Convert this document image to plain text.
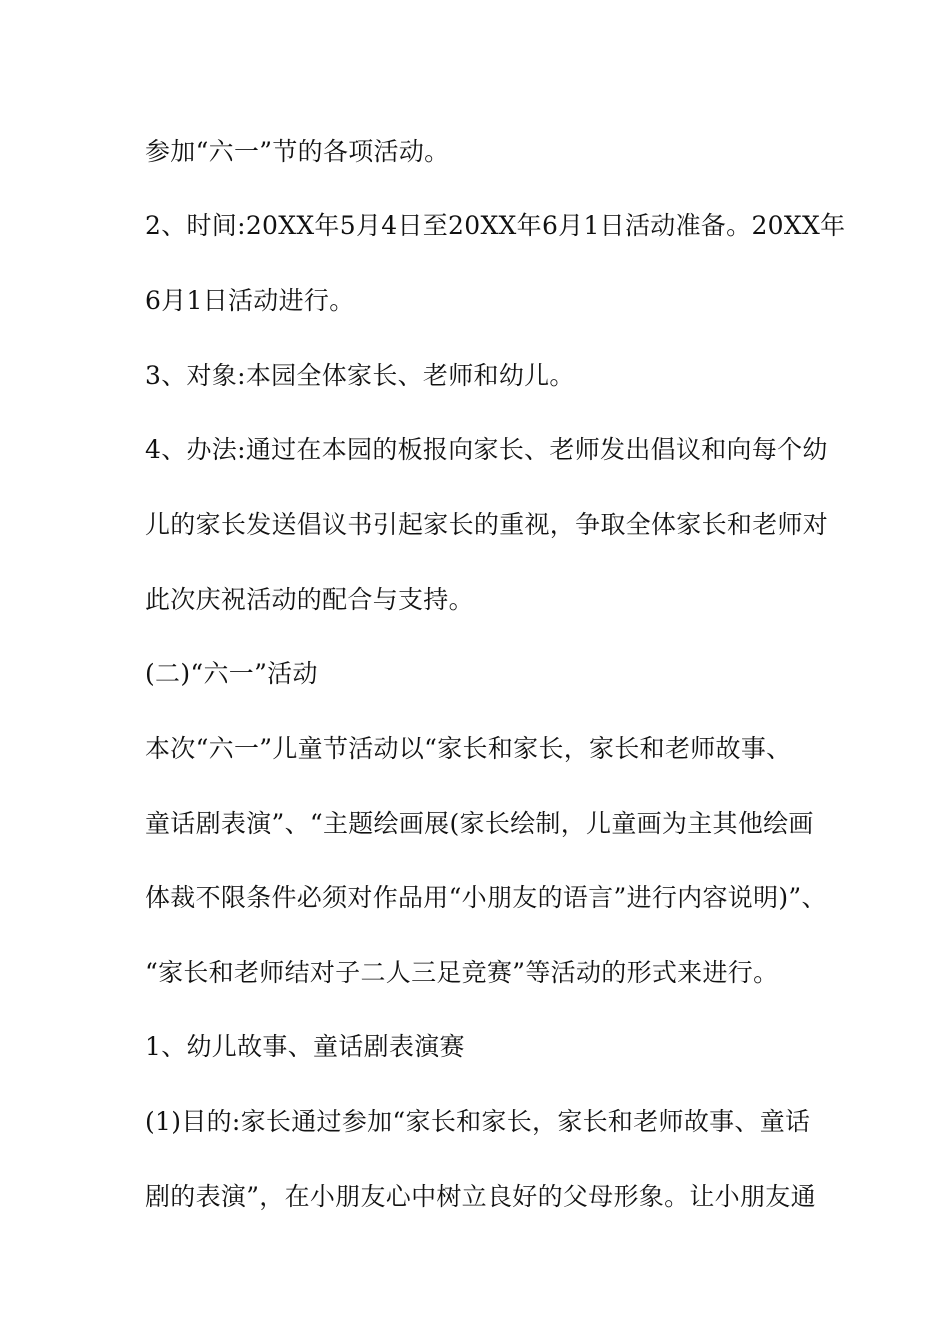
参加“六一”节的各项活动。
2、时间:20XX年5月4日至20XX年6月1日活动准备。20XX年
6月1日活动进行。
3、对象:本园全体家长、老师和幼儿。
4、办法:通过在本园的板报向家长、老师发出倡议和向每个幼
儿的家长发送倡议书引起家长的重视，争取全体家长和老师对
此次庆祝活动的配合与支持。
(二)“六一”活动
本次“六一”儿童节活动以“家长和家长，家长和老师故事、
童话剧表演”、“主题绘画展(家长绘制，儿童画为主其他绘画
体裁不限条件必须对作品用“小朋友的语言”进行内容说明)”、
“家长和老师结对子二人三足竞赛”等活动的形式来进行。
1、幼儿故事、童话剧表演赛
(1)目的:家长通过参加“家长和家长，家长和老师故事、童话
剧的表演”，在小朋友心中树立良好的父母形象。让小朋友通
